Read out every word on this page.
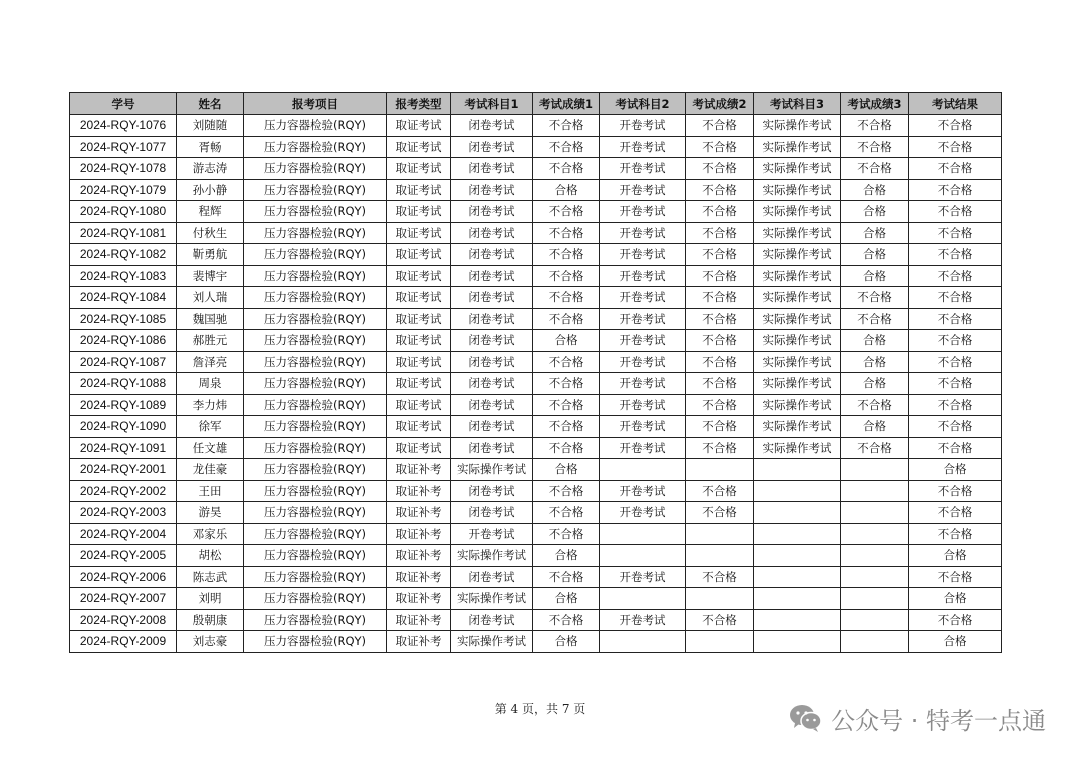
学号	姓名	报考项目	报考类型	考试科目1	考试成绩1	考试科目2	考试成绩2	考试科目3	考试成绩3	考试结果
2024-RQY-1076	刘随随	压力容器检验(RQY)	取证考试	闭卷考试	不合格	开卷考试	不合格	实际操作考试	不合格	不合格
2024-RQY-1077	胥畅	压力容器检验(RQY)	取证考试	闭卷考试	不合格	开卷考试	不合格	实际操作考试	不合格	不合格
2024-RQY-1078	游志涛	压力容器检验(RQY)	取证考试	闭卷考试	不合格	开卷考试	不合格	实际操作考试	不合格	不合格
2024-RQY-1079	孙小静	压力容器检验(RQY)	取证考试	闭卷考试	合格	开卷考试	不合格	实际操作考试	合格	不合格
2024-RQY-1080	程辉	压力容器检验(RQY)	取证考试	闭卷考试	不合格	开卷考试	不合格	实际操作考试	合格	不合格
2024-RQY-1081	付秋生	压力容器检验(RQY)	取证考试	闭卷考试	不合格	开卷考试	不合格	实际操作考试	合格	不合格
2024-RQY-1082	靳勇航	压力容器检验(RQY)	取证考试	闭卷考试	不合格	开卷考试	不合格	实际操作考试	合格	不合格
2024-RQY-1083	裴博宇	压力容器检验(RQY)	取证考试	闭卷考试	不合格	开卷考试	不合格	实际操作考试	合格	不合格
2024-RQY-1084	刘人瑞	压力容器检验(RQY)	取证考试	闭卷考试	不合格	开卷考试	不合格	实际操作考试	不合格	不合格
2024-RQY-1085	魏国驰	压力容器检验(RQY)	取证考试	闭卷考试	不合格	开卷考试	不合格	实际操作考试	不合格	不合格
2024-RQY-1086	郝胜元	压力容器检验(RQY)	取证考试	闭卷考试	合格	开卷考试	不合格	实际操作考试	合格	不合格
2024-RQY-1087	詹泽亮	压力容器检验(RQY)	取证考试	闭卷考试	不合格	开卷考试	不合格	实际操作考试	合格	不合格
2024-RQY-1088	周泉	压力容器检验(RQY)	取证考试	闭卷考试	不合格	开卷考试	不合格	实际操作考试	合格	不合格
2024-RQY-1089	李力炜	压力容器检验(RQY)	取证考试	闭卷考试	不合格	开卷考试	不合格	实际操作考试	不合格	不合格
2024-RQY-1090	徐军	压力容器检验(RQY)	取证考试	闭卷考试	不合格	开卷考试	不合格	实际操作考试	合格	不合格
2024-RQY-1091	任文雄	压力容器检验(RQY)	取证考试	闭卷考试	不合格	开卷考试	不合格	实际操作考试	不合格	不合格
2024-RQY-2001	龙佳豪	压力容器检验(RQY)	取证补考	实际操作考试	合格					合格
2024-RQY-2002	王田	压力容器检验(RQY)	取证补考	闭卷考试	不合格	开卷考试	不合格			不合格
2024-RQY-2003	游昊	压力容器检验(RQY)	取证补考	闭卷考试	不合格	开卷考试	不合格			不合格
2024-RQY-2004	邓家乐	压力容器检验(RQY)	取证补考	开卷考试	不合格					不合格
2024-RQY-2005	胡松	压力容器检验(RQY)	取证补考	实际操作考试	合格					合格
2024-RQY-2006	陈志武	压力容器检验(RQY)	取证补考	闭卷考试	不合格	开卷考试	不合格			不合格
2024-RQY-2007	刘明	压力容器检验(RQY)	取证补考	实际操作考试	合格					合格
2024-RQY-2008	殷朝康	压力容器检验(RQY)	取证补考	闭卷考试	不合格	开卷考试	不合格			不合格
2024-RQY-2009	刘志豪	压力容器检验(RQY)	取证补考	实际操作考试	合格					合格
第 4 页，共 7 页	公众号 · 特考一点通
